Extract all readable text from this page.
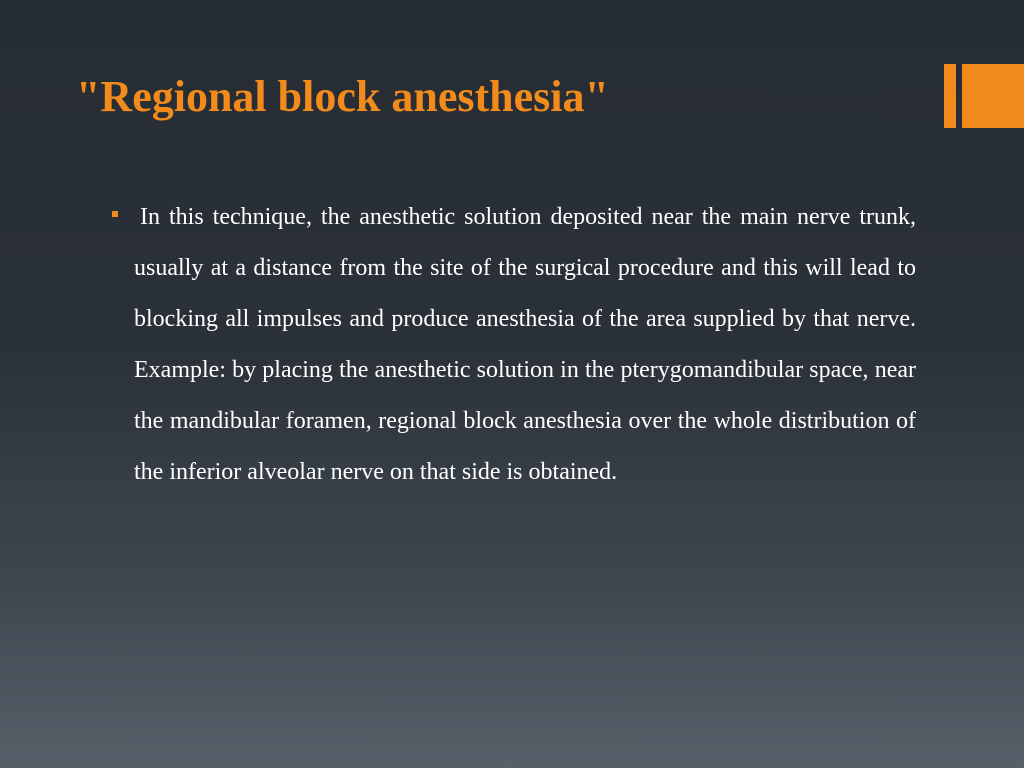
"Regional block anesthesia"

In this technique, the anesthetic solution deposited near the main nerve trunk, usually at a distance from the site of the surgical procedure and this will lead to blocking all impulses and produce anesthesia of the area supplied by that nerve. Example: by placing the anesthetic solution in the pterygomandibular space, near the mandibular foramen, regional block anesthesia over the whole distribution of the inferior alveolar nerve on that side is obtained.
